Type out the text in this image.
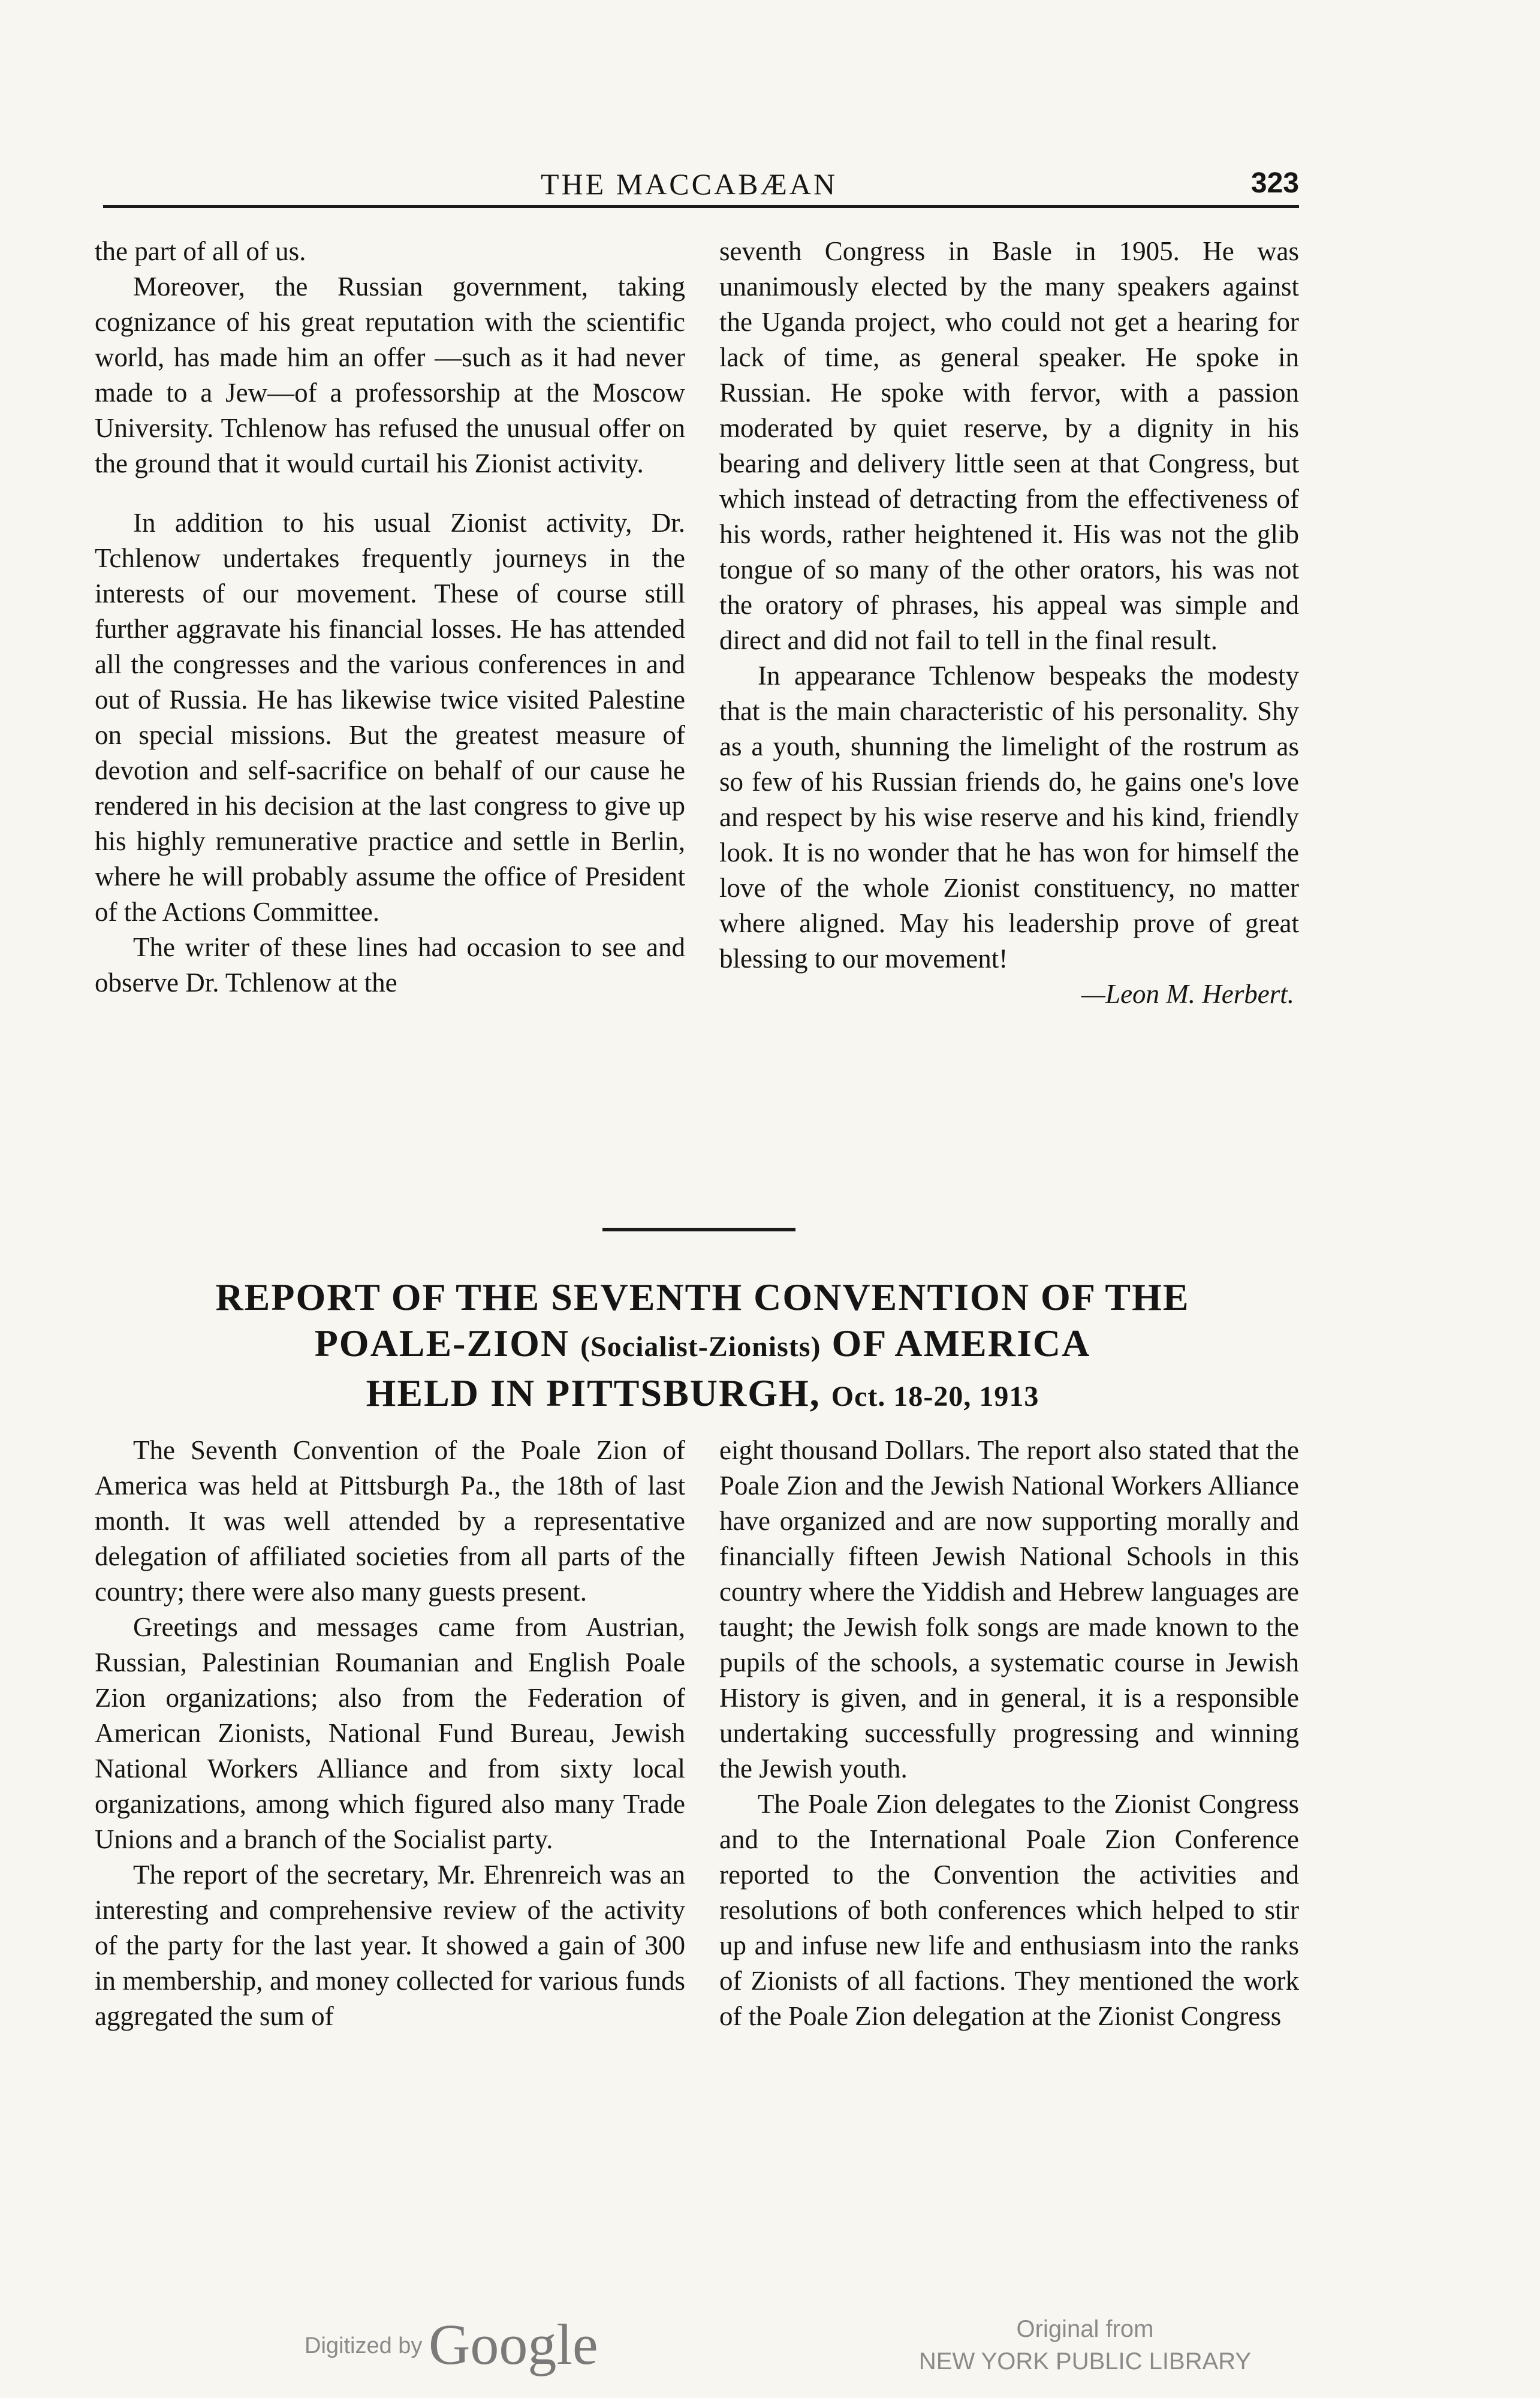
THE MACCABÆAN	323

the part of all of us.

Moreover, the Russian government, taking cognizance of his great reputation with the scientific world, has made him an offer —such as it had never made to a Jew—of a professorship at the Moscow University. Tchlenow has refused the unusual offer on the ground that it would curtail his Zionist activity.

In addition to his usual Zionist activity, Dr. Tchlenow undertakes frequently journeys in the interests of our movement. These of course still further aggravate his financial losses. He has attended all the congresses and the various conferences in and out of Russia. He has likewise twice visited Palestine on special missions. But the greatest measure of devotion and self-sacrifice on behalf of our cause he rendered in his decision at the last congress to give up his highly remunerative practice and settle in Berlin, where he will probably assume the office of President of the Actions Committee.

The writer of these lines had occasion to see and observe Dr. Tchlenow at the

seventh Congress in Basle in 1905. He was unanimously elected by the many speakers against the Uganda project, who could not get a hearing for lack of time, as general speaker. He spoke in Russian. He spoke with fervor, with a passion moderated by quiet reserve, by a dignity in his bearing and delivery little seen at that Congress, but which instead of detracting from the effectiveness of his words, rather heightened it. His was not the glib tongue of so many of the other orators, his was not the oratory of phrases, his appeal was simple and direct and did not fail to tell in the final result.

In appearance Tchlenow bespeaks the modesty that is the main characteristic of his personality. Shy as a youth, shunning the limelight of the rostrum as so few of his Russian friends do, he gains one's love and respect by his wise reserve and his kind, friendly look. It is no wonder that he has won for himself the love of the whole Zionist constituency, no matter where aligned. May his leadership prove of great blessing to our movement!

—Leon M. Herbert.

REPORT OF THE SEVENTH CONVENTION OF THE
POALE-ZION (Socialist-Zionists) OF AMERICA
HELD IN PITTSBURGH, Oct. 18-20, 1913

The Seventh Convention of the Poale Zion of America was held at Pittsburgh Pa., the 18th of last month. It was well attended by a representative delegation of affiliated societies from all parts of the country; there were also many guests present.

Greetings and messages came from Austrian, Russian, Palestinian Roumanian and English Poale Zion organizations; also from the Federation of American Zionists, National Fund Bureau, Jewish National Workers Alliance and from sixty local organizations, among which figured also many Trade Unions and a branch of the Socialist party.

The report of the secretary, Mr. Ehrenreich was an interesting and comprehensive review of the activity of the party for the last year. It showed a gain of 300 in membership, and money collected for various funds aggregated the sum of

eight thousand Dollars. The report also stated that the Poale Zion and the Jewish National Workers Alliance have organized and are now supporting morally and financially fifteen Jewish National Schools in this country where the Yiddish and Hebrew languages are taught; the Jewish folk songs are made known to the pupils of the schools, a systematic course in Jewish History is given, and in general, it is a responsible undertaking successfully progressing and winning the Jewish youth.

The Poale Zion delegates to the Zionist Congress and to the International Poale Zion Conference reported to the Convention the activities and resolutions of both conferences which helped to stir up and infuse new life and enthusiasm into the ranks of Zionists of all factions. They mentioned the work of the Poale Zion delegation at the Zionist Congress

Digitized by Google	Original from
NEW YORK PUBLIC LIBRARY
